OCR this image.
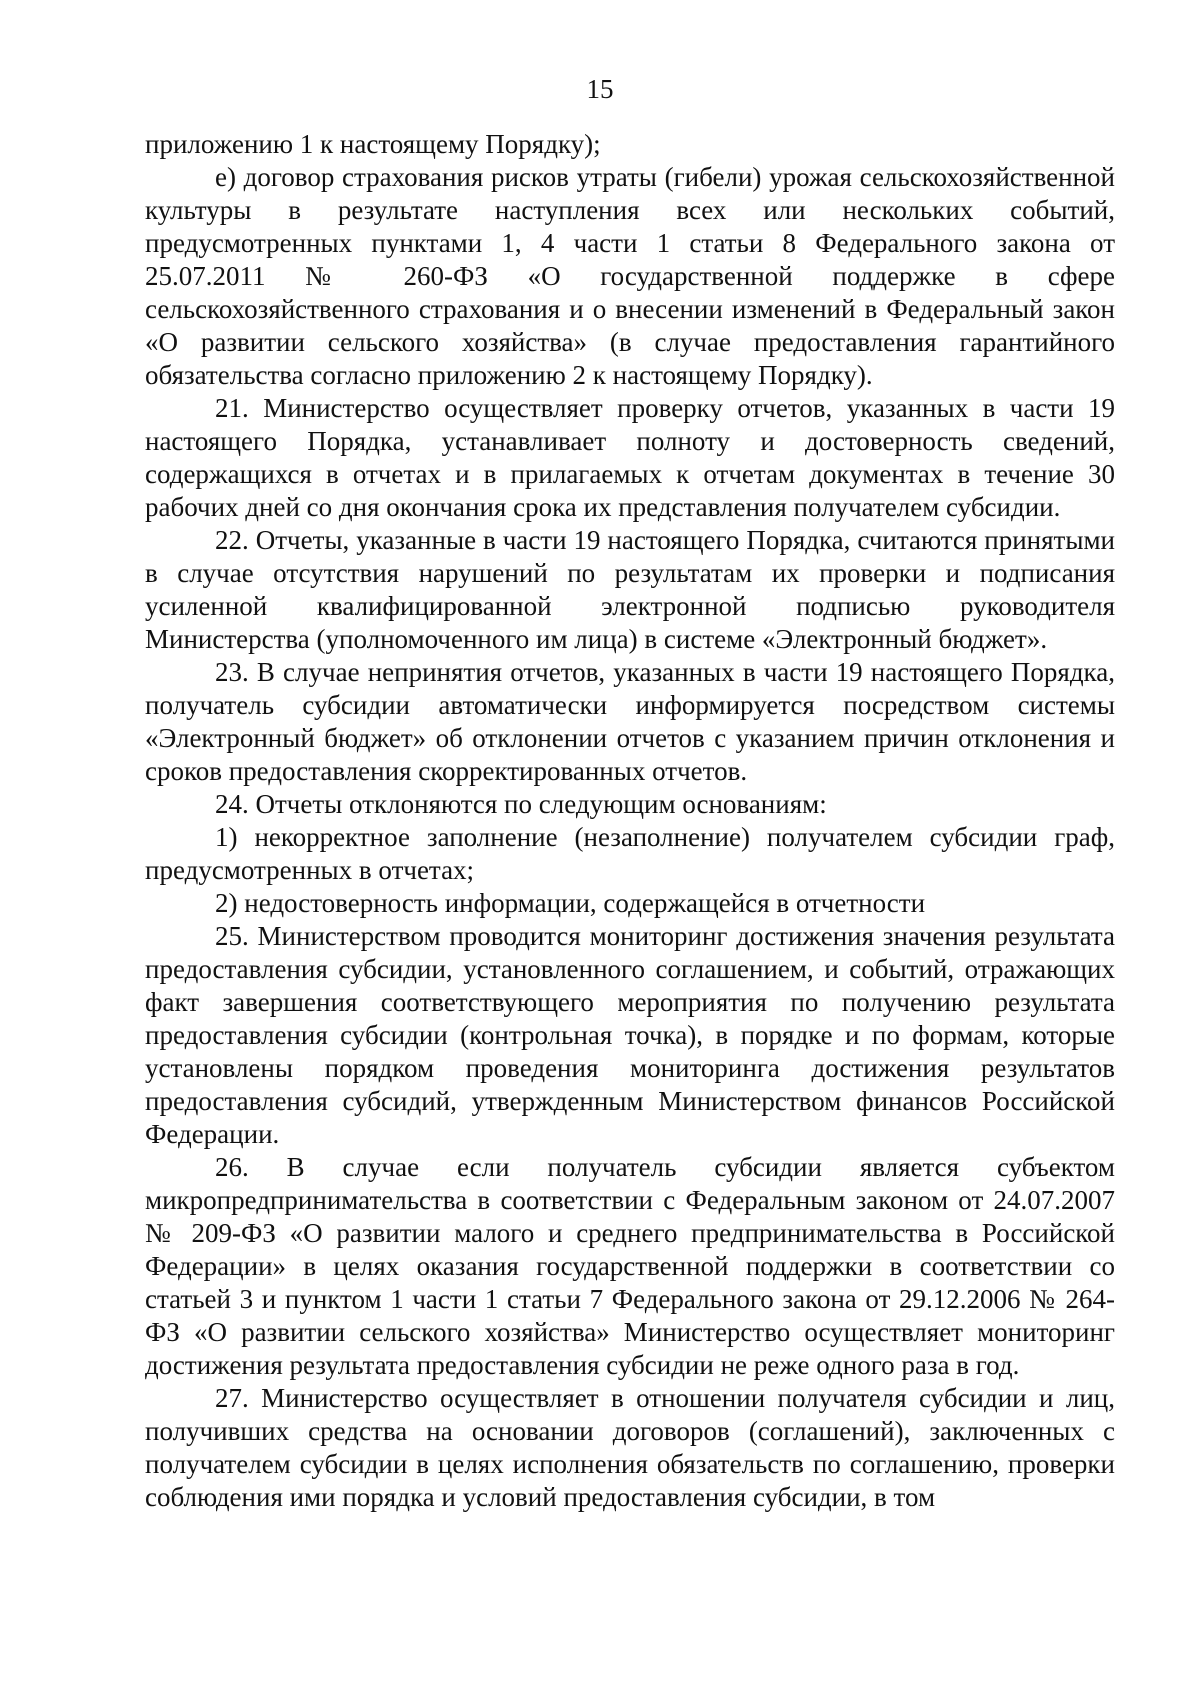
15

приложению 1 к настоящему Порядку);

е) договор страхования рисков утраты (гибели) урожая сельскохозяйственной культуры в результате наступления всех или нескольких событий, предусмотренных пунктами 1, 4 части 1 статьи 8 Федерального закона от 25.07.2011 № 260-ФЗ «О государственной поддержке в сфере сельскохозяйственного страхования и о внесении изменений в Федеральный закон «О развитии сельского хозяйства» (в случае предоставления гарантийного обязательства согласно приложению 2 к настоящему Порядку).

21. Министерство осуществляет проверку отчетов, указанных в части 19 настоящего Порядка, устанавливает полноту и достоверность сведений, содержащихся в отчетах и в прилагаемых к отчетам документах в течение 30 рабочих дней со дня окончания срока их представления получателем субсидии.

22. Отчеты, указанные в части 19 настоящего Порядка, считаются принятыми в случае отсутствия нарушений по результатам их проверки и подписания усиленной квалифицированной электронной подписью руководителя Министерства (уполномоченного им лица) в системе «Электронный бюджет».

23. В случае непринятия отчетов, указанных в части 19 настоящего Порядка, получатель субсидии автоматически информируется посредством системы «Электронный бюджет» об отклонении отчетов с указанием причин отклонения и сроков предоставления скорректированных отчетов.

24. Отчеты отклоняются по следующим основаниям:

1) некорректное заполнение (незаполнение) получателем субсидии граф, предусмотренных в отчетах;

2) недостоверность информации, содержащейся в отчетности

25. Министерством проводится мониторинг достижения значения результата предоставления субсидии, установленного соглашением, и событий, отражающих факт завершения соответствующего мероприятия по получению результата предоставления субсидии (контрольная точка), в порядке и по формам, которые установлены порядком проведения мониторинга достижения результатов предоставления субсидий, утвержденным Министерством финансов Российской Федерации.

26. В случае если получатель субсидии является субъектом микропредпринимательства в соответствии с Федеральным законом от 24.07.2007 № 209-ФЗ «О развитии малого и среднего предпринимательства в Российской Федерации» в целях оказания государственной поддержки в соответствии со статьей 3 и пунктом 1 части 1 статьи 7 Федерального закона от 29.12.2006 № 264-ФЗ «О развитии сельского хозяйства» Министерство осуществляет мониторинг достижения результата предоставления субсидии не реже одного раза в год.

27. Министерство осуществляет в отношении получателя субсидии и лиц, получивших средства на основании договоров (соглашений), заключенных с получателем субсидии в целях исполнения обязательств по соглашению, проверки соблюдения ими порядка и условий предоставления субсидии, в том
